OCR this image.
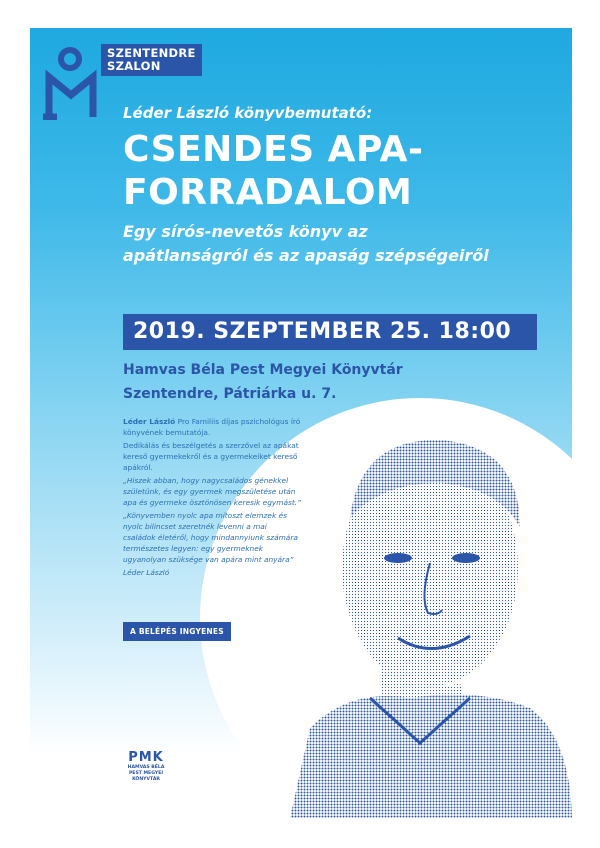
SZENTENDRE
SZALON
Léder László könyvbemutató:
CSENDES APA-
FORRADALOM
Egy sírós-nevetős könyv az
apátlanságról és az apaság szépségeiről
2019. SZEPTEMBER 25. 18:00
Hamvas Béla Pest Megyei Könyvtár
Szentendre, Pátriárka u. 7.

Léder László Pro Familiis díjas pszichológus író könyvének bemutatója.

Dedikálás és beszélgetés a szerzővel az apákat kereső gyermekekről és a gyermekeiket kereső apákról.

„Hiszek abban, hogy nagycsaládos génekkel születünk, és egy gyermek megszületése után apa és gyermeke ösztönösen keresik egymást.”

„Könyvemben nyolc apa mítoszt elemzek és nyolc bilincset szeretnék levenni a mai családok életéről, hogy mindannyiunk számára természetes legyen: egy gyermeknek ugyanolyan szüksége van apára mint anyára”

Léder László

A BELÉPÉS INGYENES
PMK
HAMVAS BÉLA
PEST MEGYEI
KÖNYVTÁR
